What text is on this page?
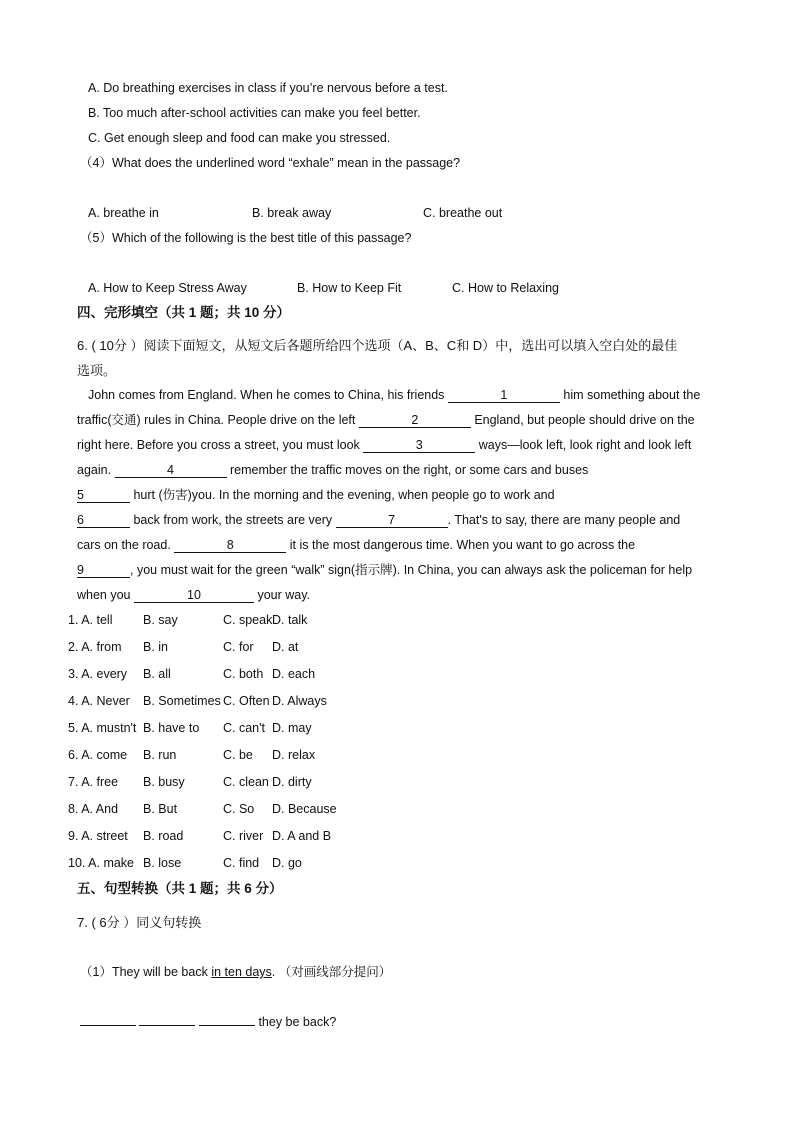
A. Do breathing exercises in class if you’re nervous before a test.
B. Too much after-school activities can make you feel better.
C. Get enough sleep and food can make you stressed.
（4）What does the underlined word “exhale” mean in the passage?
A. breathe in	B. break away	C. breathe out
（5）Which of the following is the best title of this passage?
A. How to Keep Stress Away	B. How to Keep Fit	C. How to Relaxing
四、完形填空（共 1 题；共 10 分）
6. ( 10分 ）阅读下面短文，从短文后各题所给四个选项（A、B、C和 D）中，选出可以填入空白处的最佳
选项。
John comes from England. When he comes to China, his friends	1	him something about the
traffic(交通) rules in China. People drive on the left	2	England, but people should drive on the
right here. Before you cross a street, you must look	3	ways—look left, look right and look left
again.	4	remember the traffic moves on the right, or some cars and buses
5	hurt (伤害)you. In the morning and the evening, when people go to work and
6	back from work, the streets are very	7	. That's to say, there are many people and
cars on the road.	8	it is the most dangerous time. When you want to go across the
9	, you must wait for the green “walk” sign(指示牌). In China, you can always ask the policeman for help
when you	10	your way.
1. A. tell B. say	C. speak D. talk
2. A. from B. in	C. for D. at
3. A. every B. all	C. both D. each
4. A. Never B. Sometimes C. Often D. Always
5. A. mustn't B. have to C. can't D. may
6. A. come B. run	C. be D. relax
7. A. free B. busy	C. clean D. dirty
8. A. And B. But	C. So D. Because
9. A. street B. road	C. river D. A and B
10. A. make B. lose	C. find D. go
五、句型转换（共 1 题；共 6 分）
7. ( 6分 ）同义句转换
（1）They will be back in ten days. （对画线部分提问）
they be back?
